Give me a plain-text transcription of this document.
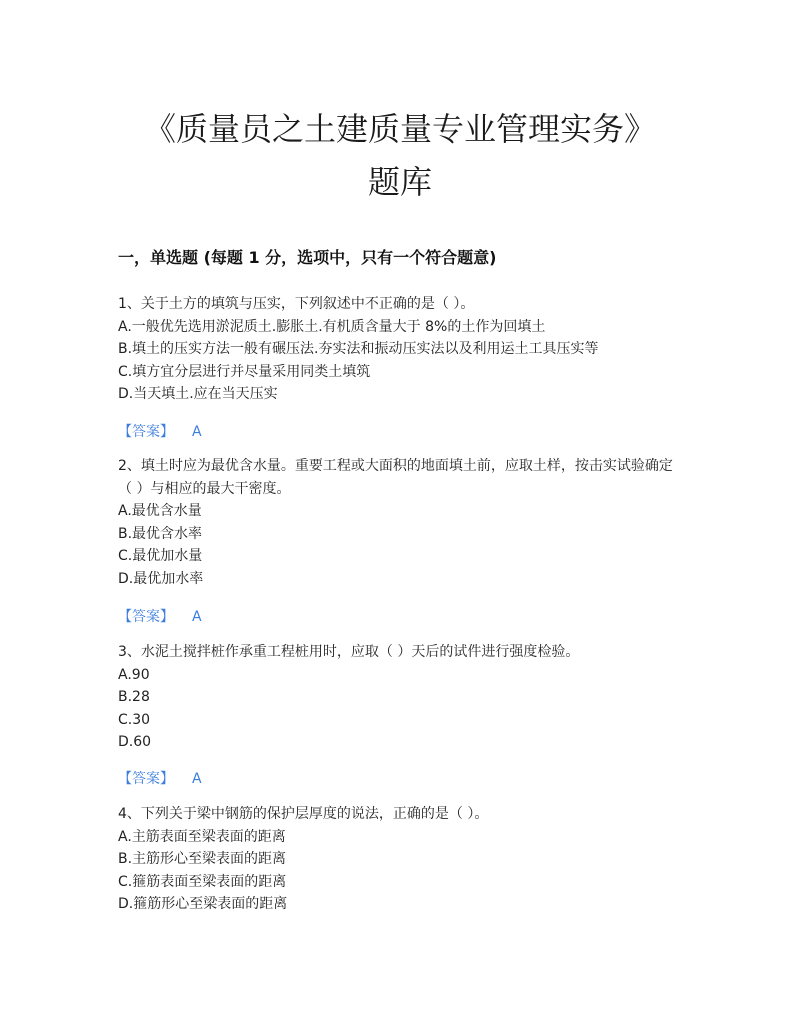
《质量员之土建质量专业管理实务》
题库
一，单选题 (每题 1 分，选项中，只有一个符合题意)

1、关于土方的填筑与压实，下列叙述中不正确的是（ ）。

A.一般优先选用淤泥质土.膨胀土.有机质含量大于 8%的土作为回填土

B.填土的压实方法一般有碾压法.夯实法和振动压实法以及利用运土工具压实等

C.填方宜分层进行并尽量采用同类土填筑

D.当天填土.应在当天压实

【答案】 A

2、填土时应为最优含水量。重要工程或大面积的地面填土前，应取土样，按击实试验确定（ ）与相应的最大干密度。

A.最优含水量

B.最优含水率

C.最优加水量

D.最优加水率

【答案】 A

3、水泥土搅拌桩作承重工程桩用时，应取（ ）天后的试件进行强度检验。

A.90

B.28

C.30

D.60

【答案】 A

4、下列关于梁中钢筋的保护层厚度的说法，正确的是（ ）。

A.主筋表面至梁表面的距离

B.主筋形心至梁表面的距离

C.箍筋表面至梁表面的距离

D.箍筋形心至梁表面的距离
